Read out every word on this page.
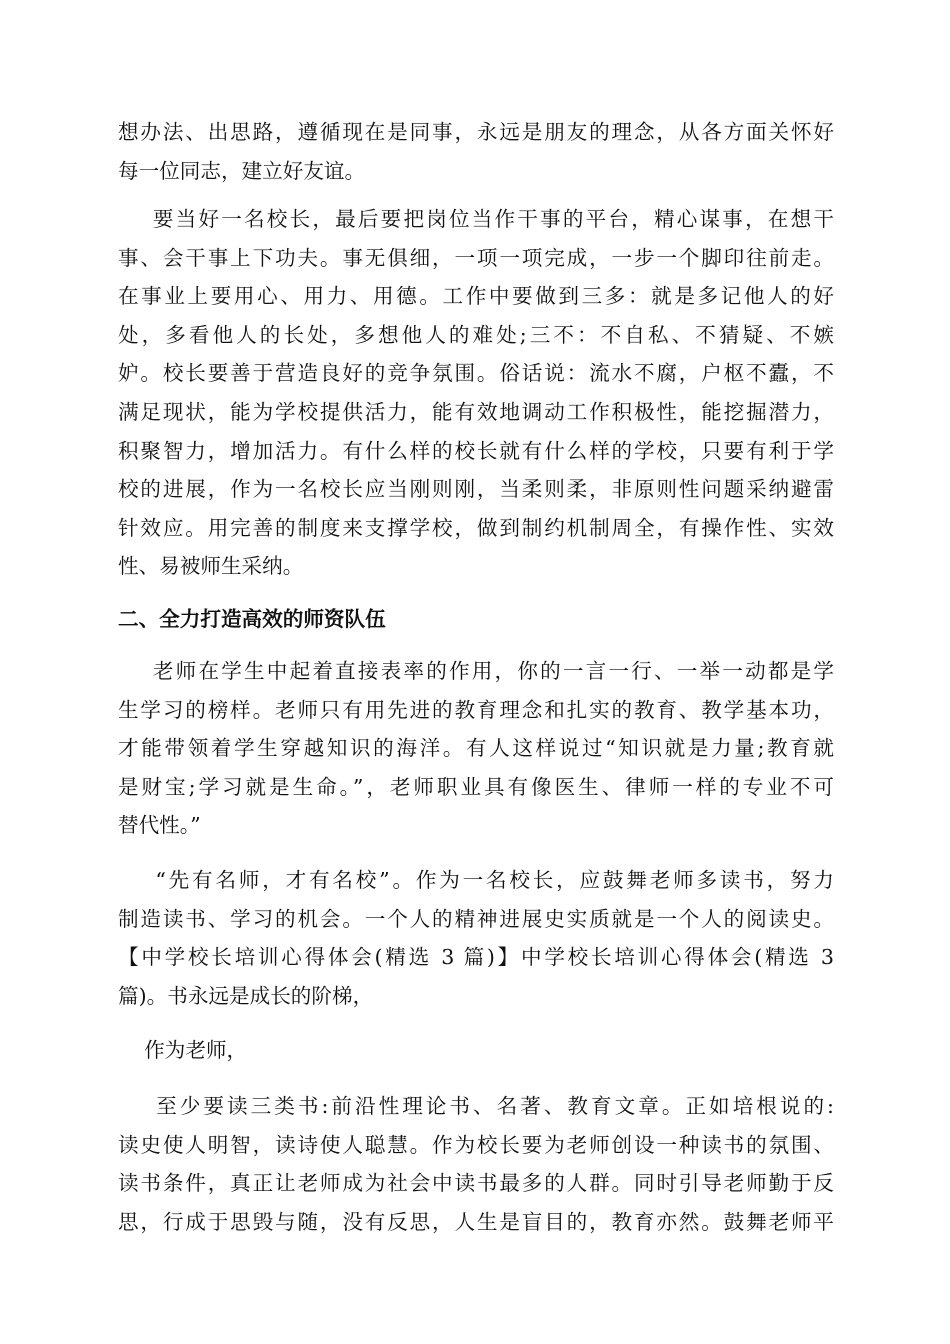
想办法、出思路，遵循现在是同事，永远是朋友的理念，从各方面关怀好
每一位同志，建立好友谊。
要当好一名校长，最后要把岗位当作干事的平台，精心谋事，在想干
事、会干事上下功夫。事无俱细，一项一项完成，一步一个脚印往前走。
在事业上要用心、用力、用德。工作中要做到三多：就是多记他人的好
处，多看他人的长处，多想他人的难处;三不：不自私、不猜疑、不嫉
妒。校长要善于营造良好的竞争氛围。俗话说：流水不腐，户枢不蠹，不
满足现状，能为学校提供活力，能有效地调动工作积极性，能挖掘潜力，
积聚智力，增加活力。有什么样的校长就有什么样的学校，只要有利于学
校的进展，作为一名校长应当刚则刚，当柔则柔，非原则性问题采纳避雷
针效应。用完善的制度来支撑学校，做到制约机制周全，有操作性、实效
性、易被师生采纳。
二、全力打造高效的师资队伍
老师在学生中起着直接表率的作用，你的一言一行、一举一动都是学
生学习的榜样。老师只有用先进的教育理念和扎实的教育、教学基本功，
才能带领着学生穿越知识的海洋。有人这样说过“知识就是力量;教育就
是财宝;学习就是生命。”，老师职业具有像医生、律师一样的专业不可
替代性。”
“先有名师，才有名校”。作为一名校长，应鼓舞老师多读书，努力
制造读书、学习的机会。一个人的精神进展史实质就是一个人的阅读史。
【中学校长培训心得体会(精选 3 篇)】中学校长培训心得体会(精选 3
篇)。书永远是成长的阶梯，
作为老师，
至少要读三类书:前沿性理论书、名著、教育文章。正如培根说的:
读史使人明智，读诗使人聪慧。作为校长要为老师创设一种读书的氛围、
读书条件，真正让老师成为社会中读书最多的人群。同时引导老师勤于反
思，行成于思毁与随，没有反思，人生是盲目的，教育亦然。鼓舞老师平
